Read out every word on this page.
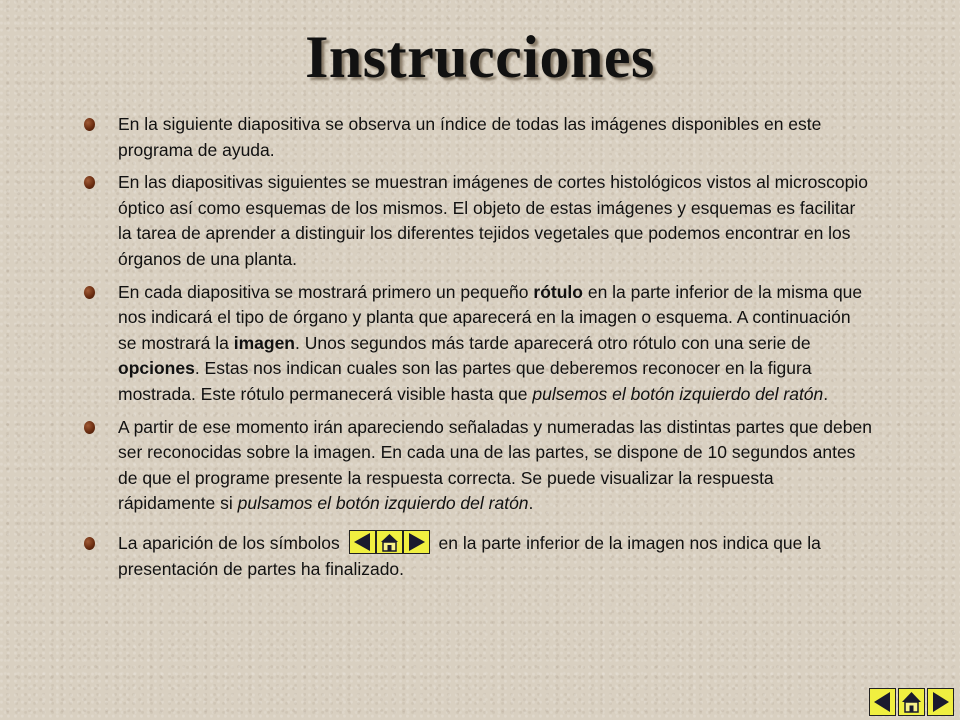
Instrucciones
En la siguiente diapositiva se observa un índice de todas las imágenes disponibles en este programa de ayuda.
En las diapositivas siguientes se muestran imágenes de cortes histológicos vistos al microscopio óptico así como esquemas de los mismos. El objeto de estas imágenes y esquemas es facilitar la tarea de aprender a distinguir los diferentes tejidos vegetales que podemos encontrar en los órganos de una planta.
En cada diapositiva se mostrará primero un pequeño rótulo en la parte inferior de la misma que nos indicará el tipo de órgano y planta que aparecerá en la imagen o esquema. A continuación se mostrará la imagen. Unos segundos más tarde aparecerá otro rótulo con una serie de opciones. Estas nos indican cuales son las partes que deberemos reconocer en la figura mostrada. Este rótulo permanecerá visible hasta que pulsemos el botón izquierdo del ratón.
A partir de ese momento irán apareciendo señaladas y numeradas las distintas partes que deben ser reconocidas sobre la imagen. En cada una de las partes, se dispone de 10 segundos antes de que el programe presente la respuesta correcta. Se puede visualizar la respuesta rápidamente si pulsamos el botón izquierdo del ratón.
La aparición de los símbolos	en la parte inferior de la imagen nos indica que la presentación de partes ha finalizado.
